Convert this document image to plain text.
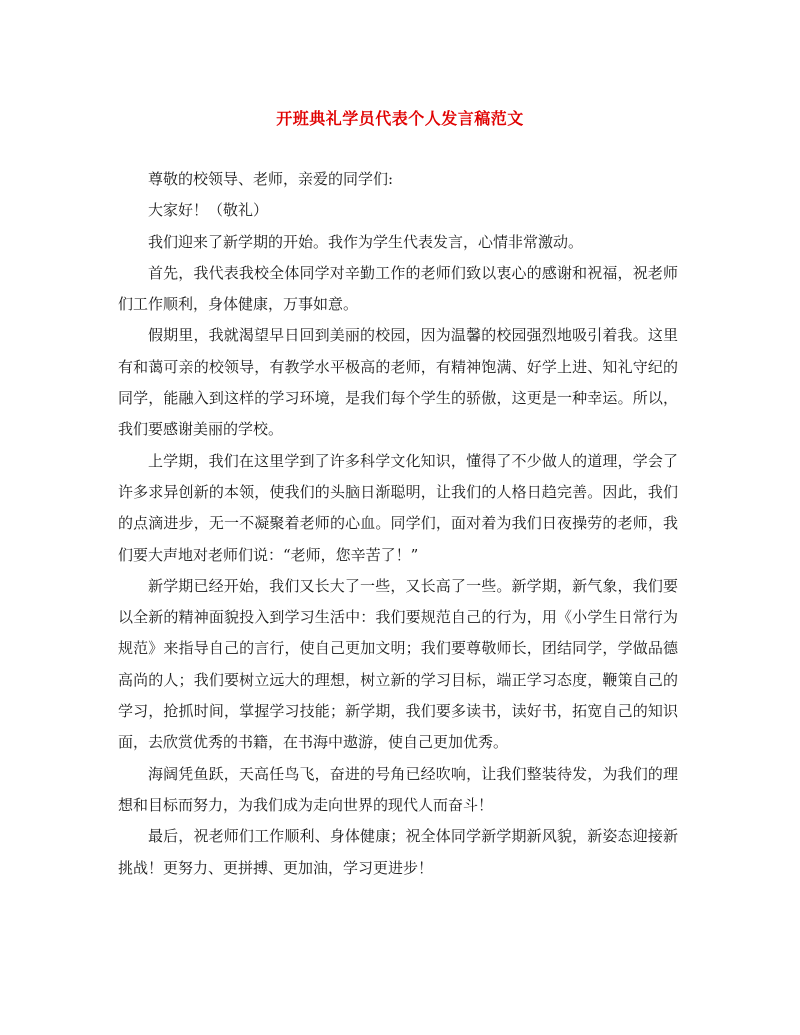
开班典礼学员代表个人发言稿范文

尊敬的校领导、老师，亲爱的同学们:

大家好！（敬礼）

我们迎来了新学期的开始。我作为学生代表发言，心情非常激动。

首先，我代表我校全体同学对辛勤工作的老师们致以衷心的感谢和祝福，祝老师们工作顺利，身体健康，万事如意。

假期里，我就渴望早日回到美丽的校园，因为温馨的校园强烈地吸引着我。这里有和蔼可亲的校领导，有教学水平极高的老师，有精神饱满、好学上进、知礼守纪的同学，能融入到这样的学习环境，是我们每个学生的骄傲，这更是一种幸运。所以，我们要感谢美丽的学校。

上学期，我们在这里学到了许多科学文化知识，懂得了不少做人的道理，学会了许多求异创新的本领，使我们的头脑日渐聪明，让我们的人格日趋完善。因此，我们的点滴进步，无一不凝聚着老师的心血。同学们，面对着为我们日夜操劳的老师，我们要大声地对老师们说：“老师，您辛苦了！”

新学期已经开始，我们又长大了一些，又长高了一些。新学期，新气象，我们要以全新的精神面貌投入到学习生活中：我们要规范自己的行为，用《小学生日常行为规范》来指导自己的言行，使自己更加文明；我们要尊敬师长，团结同学，学做品德高尚的人；我们要树立远大的理想，树立新的学习目标，端正学习态度，鞭策自己的学习，抢抓时间，掌握学习技能；新学期，我们要多读书，读好书，拓宽自己的知识面，去欣赏优秀的书籍，在书海中遨游，使自己更加优秀。

海阔凭鱼跃，天高任鸟飞，奋进的号角已经吹响，让我们整装待发，为我们的理想和目标而努力，为我们成为走向世界的现代人而奋斗！

最后，祝老师们工作顺利、身体健康；祝全体同学新学期新风貌，新姿态迎接新挑战！更努力、更拼搏、更加油，学习更进步！
